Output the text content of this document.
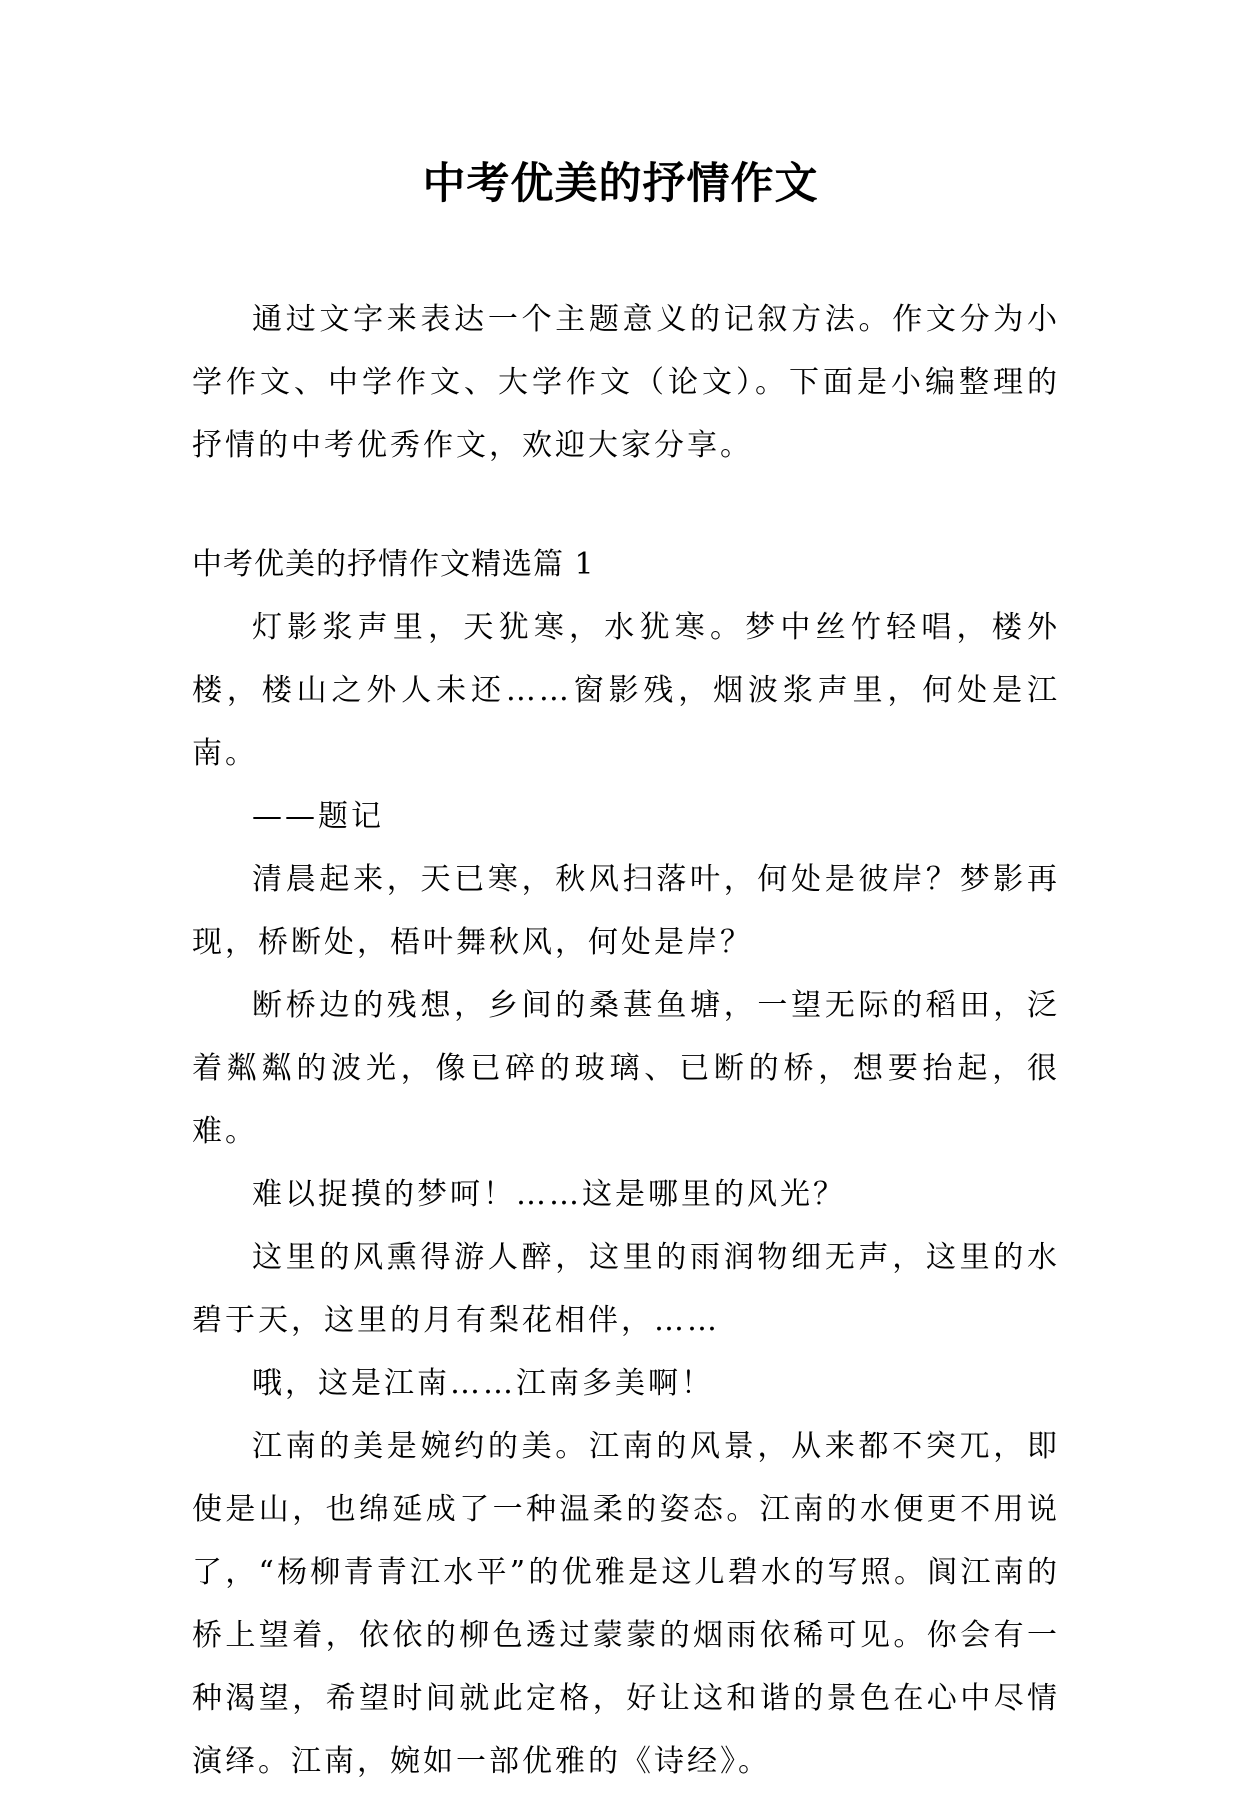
中考优美的抒情作文

通过文字来表达一个主题意义的记叙方法。作文分为小学作文、中学作文、大学作文（论文）。下面是小编整理的抒情的中考优秀作文，欢迎大家分享。

中考优美的抒情作文精选篇 1

灯影浆声里，天犹寒，水犹寒。梦中丝竹轻唱，楼外楼，楼山之外人未还……窗影残，烟波浆声里，何处是江南。

——题记

清晨起来，天已寒，秋风扫落叶，何处是彼岸？梦影再现，桥断处，梧叶舞秋风，何处是岸？

断桥边的残想，乡间的桑葚鱼塘，一望无际的稻田，泛着粼粼的波光，像已碎的玻璃、已断的桥，想要抬起，很难。

难以捉摸的梦呵！……这是哪里的风光？

这里的风熏得游人醉，这里的雨润物细无声，这里的水碧于天，这里的月有梨花相伴，……

哦，这是江南……江南多美啊！

江南的美是婉约的美。江南的风景，从来都不突兀，即使是山，也绵延成了一种温柔的姿态。江南的水便更不用说了，“杨柳青青江水平”的优雅是这儿碧水的写照。阆江南的桥上望着，依依的柳色透过蒙蒙的烟雨依稀可见。你会有一种渴望，希望时间就此定格，好让这和谐的景色在心中尽情演绎。江南，婉如一部优雅的《诗经》。
